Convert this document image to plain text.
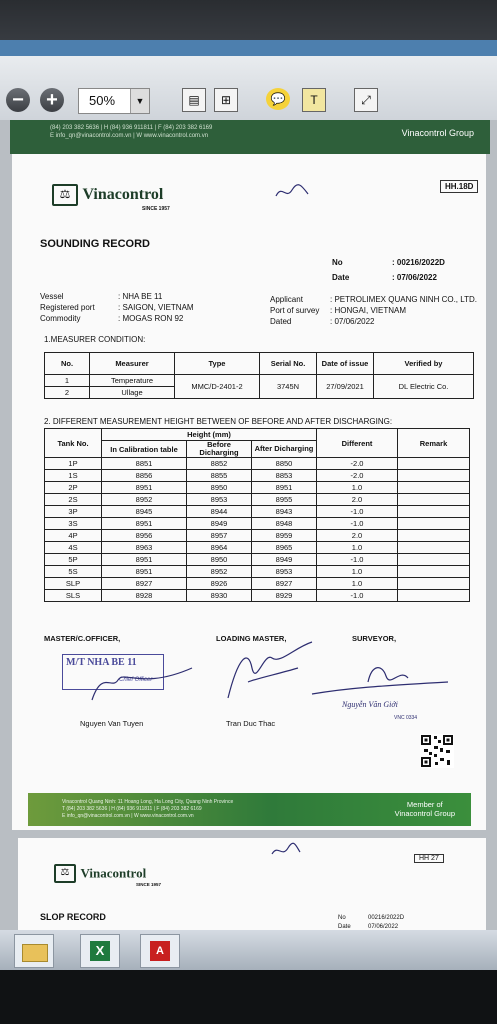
−	+	50%	▼	▤	⊞	💬	T	⤢
(84) 203 382 5636 | H (84) 936 911811 | F (84) 203 382 6169
E info_qn@vinacontrol.com.vn | W www.vinacontrol.com.vn	Vinacontrol Group
⚖ Vinacontrol
SINCE 1957
HH.18D
SOUNDING RECORD
No	: 00216/2022D
Date	: 07/06/2022
Vessel	: NHA BE 11
Registered port	: SAIGON, VIETNAM
Commodity	: MOGAS RON 92
Applicant	: PETROLIMEX QUANG NINH CO., LTD.
Port of survey : HONGAI, VIETNAM
Dated	: 07/06/2022
1.MEASURER CONDITION:
No.	Measurer	Type	Serial No.	Date of issue	Verified by
1	Temperature	MMC/D-2401-2	3745N	27/09/2021	DL Electric Co.
2	Ullage				
2. DIFFERENT MEASUREMENT HEIGHT BETWEEN OF BEFORE AND AFTER DISCHARGING:
Tank No.	Height (mm)			Different	Remark
	In Calibration table	Before Dicharging	After Dicharging		
1P	8851	8852	8850	-2.0	
1S	8856	8855	8853	-2.0	
2P	8951	8950	8951	1.0	
2S	8952	8953	8955	2.0	
3P	8945	8944	8943	-1.0	
3S	8951	8949	8948	-1.0	
4P	8956	8957	8959	2.0	
4S	8963	8964	8965	1.0	
5P	8951	8950	8949	-1.0	
5S	8951	8952	8953	1.0	
SLP	8927	8926	8927	1.0	
SLS	8928	8930	8929	-1.0	
MASTER/C.OFFICER,	LOADING MASTER,	SURVEYOR,
M/T NHA BE 11
Chief Officer
Nguyen Van Tuyen	Tran Duc Thac
Nguyễn Văn Giới
VNC 0334
Vinacontrol Quang Ninh: 11 Hoang Long, Ha Long City, Quang Ninh Province
T (84) 203 382 5636 | H (84) 936 911811 | F (84) 203 382 6169
E info_qn@vinacontrol.com.vn | W www.vinacontrol.com.vn
Member of
Vinacontrol Group
HH 27
⚖ Vinacontrol
SINCE 1957
SLOP RECORD	No	00216/2022D
Date	07/06/2022
X	A
